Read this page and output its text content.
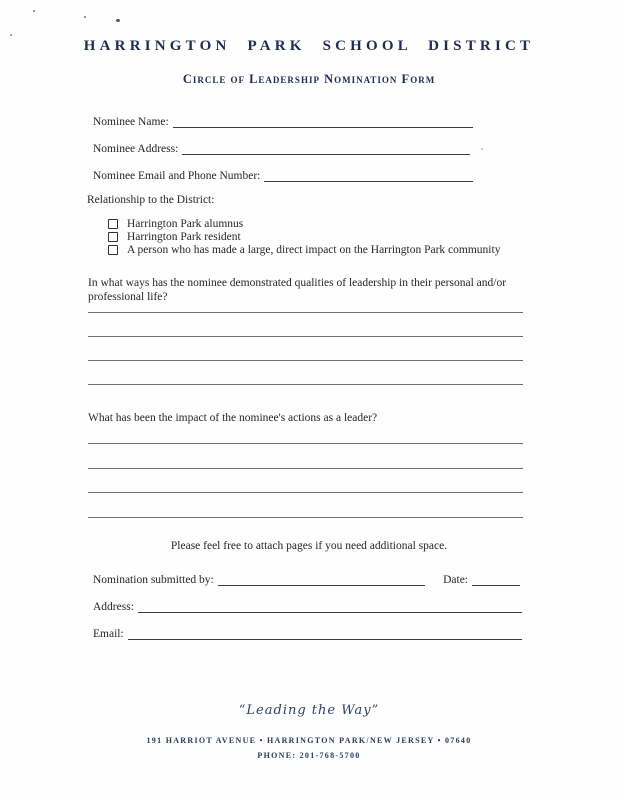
HARRINGTON PARK SCHOOL DISTRICT
Circle of Leadership Nomination Form
Nominee Name:
Nominee Address:
Nominee Email and Phone Number:
Relationship to the District:
Harrington Park alumnus
Harrington Park resident
A person who has made a large, direct impact on the Harrington Park community
In what ways has the nominee demonstrated qualities of leadership in their personal and/or professional life?
What has been the impact of the nominee's actions as a leader?
Please feel free to attach pages if you need additional space.
Nomination submitted by:	Date:
Address:
Email:
“Leading the Way”
191 HARRIOT AVENUE • HARRINGTON PARK/NEW JERSEY • 07640
PHONE: 201-768-5700
